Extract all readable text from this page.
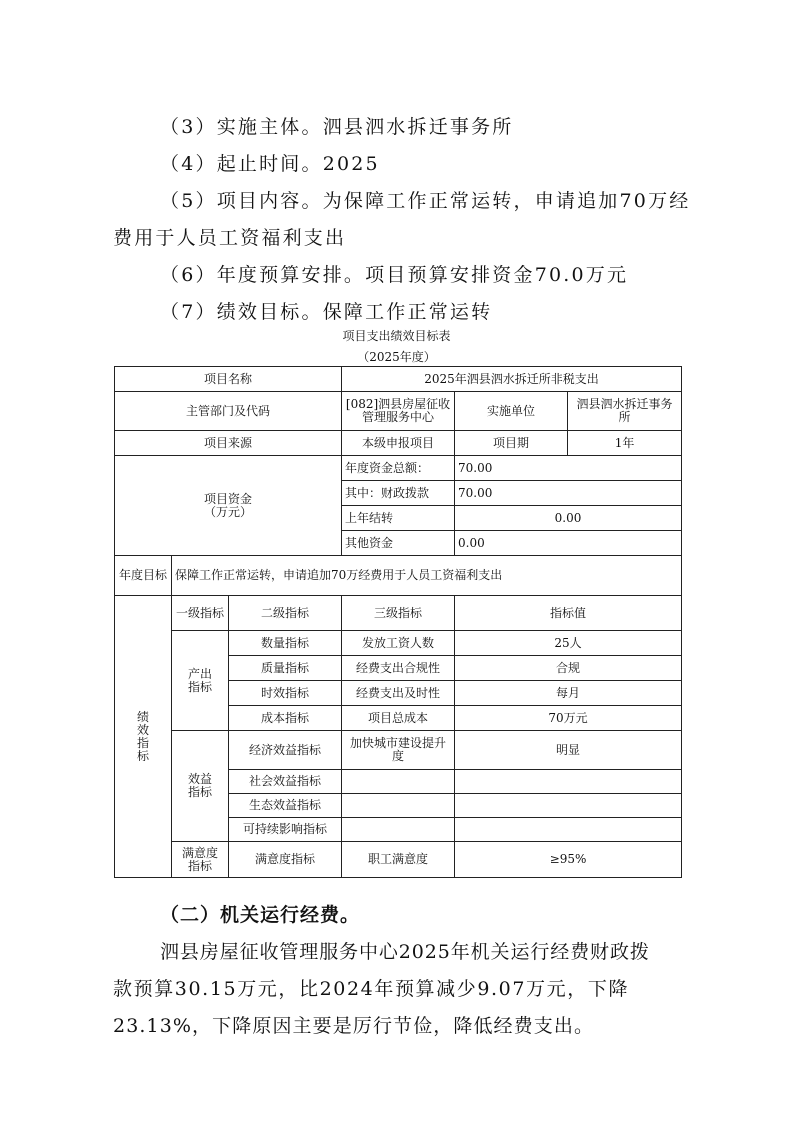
（3）实施主体。泗县泗水拆迁事务所
（4）起止时间。2025
（5）项目内容。为保障工作正常运转，申请追加70万经
费用于人员工资福利支出
（6）年度预算安排。项目预算安排资金70.0万元
（7）绩效目标。保障工作正常运转
项目支出绩效目标表
（2025年度）
项目名称			2025年泗县泗水拆迁所非税支出		
主管部门及代码			[082]泗县房屋征收管理服务中心	实施单位	泗县泗水拆迁事务所
项目来源			本级申报项目	项目期	1年

项目资金
（万元）			年度资金总额：	70.00	
			其中：财政拨款	70.00	
			上年结转	0.00	
			其他资金	0.00	
年度目标	保障工作正常运转，申请追加70万经费用于人员工资福利支出				

绩效指标	一级指标	二级指标	三级指标	指标值	

	产出指标	数量指标	发放工资人数	25人	
		质量指标	经费支出合规性	合规	
		时效指标	经费支出及时性	每月	
		成本指标	项目总成本	70万元	

	效益指标	经济效益指标	加快城市建设提升度	明显	
		社会效益指标			
		生态效益指标			
		可持续影响指标			

	满意度指标	满意度指标	职工满意度	≥95%	
（二）机关运行经费。
泗县房屋征收管理服务中心2025年机关运行经费财政拨
款预算30.15万元，比2024年预算减少9.07万元，下降
23.13%，下降原因主要是厉行节俭，降低经费支出。
